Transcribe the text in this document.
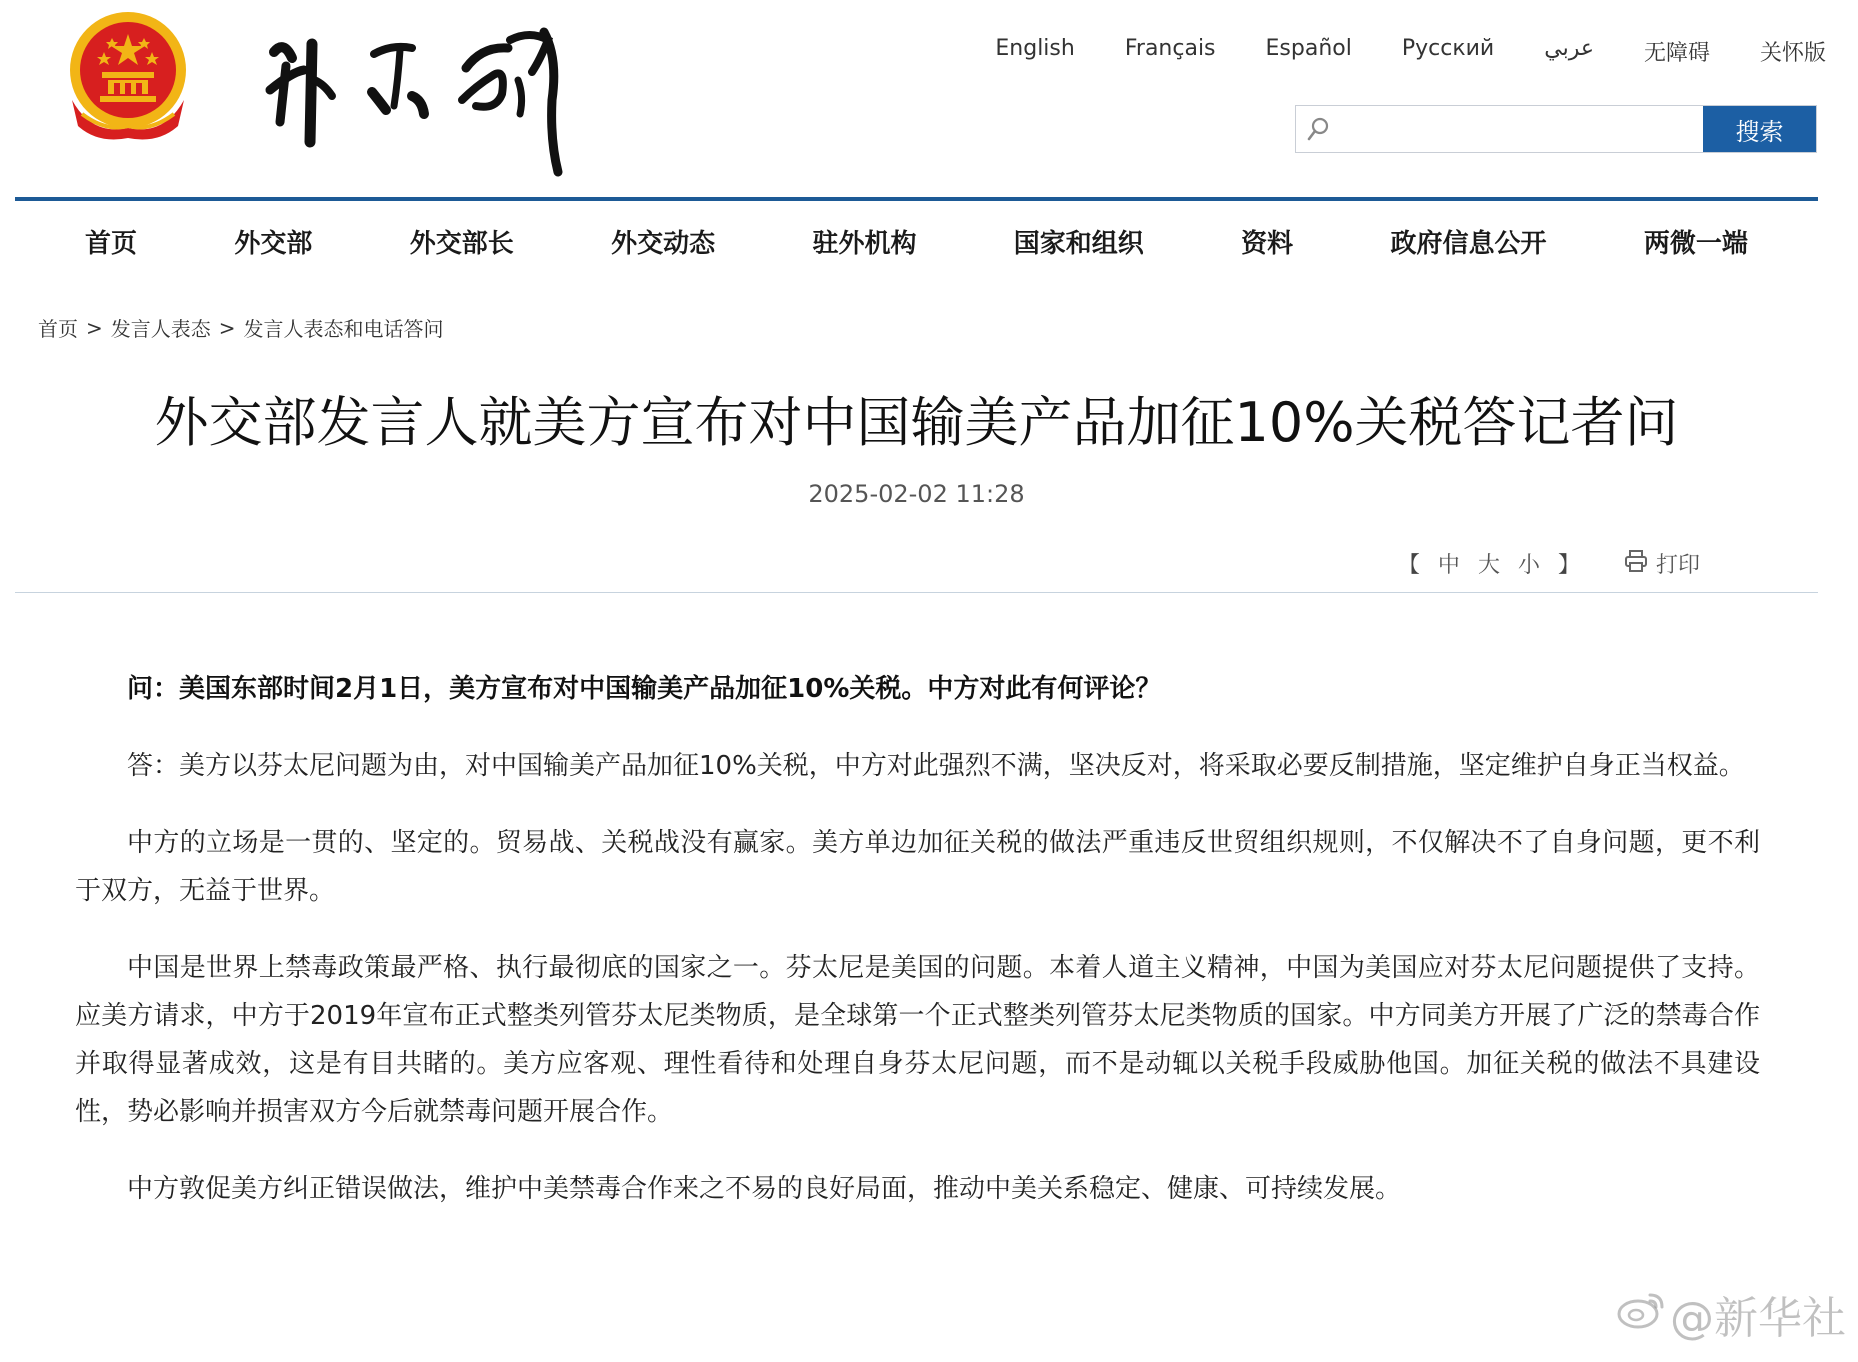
English Français Español Русский عربي 无障碍 关怀版
搜索
首页	外交部	外交部长	外交动态	驻外机构	国家和组织	资料	政府信息公开	两微一端
首页 > 发言人表态 > 发言人表态和电话答问
外交部发言人就美方宣布对中国输美产品加征10%关税答记者问
2025-02-02 11:28
【 中 大 小 】	打印

问：美国东部时间2月1日，美方宣布对中国输美产品加征10%关税。中方对此有何评论？

答：美方以芬太尼问题为由，对中国输美产品加征10%关税，中方对此强烈不满，坚决反对，将采取必要反制措施，坚定维护自身正当权益。

中方的立场是一贯的、坚定的。贸易战、关税战没有赢家。美方单边加征关税的做法严重违反世贸组织规则，不仅解决不了自身问题，更不利于双方，无益于世界。

中国是世界上禁毒政策最严格、执行最彻底的国家之一。芬太尼是美国的问题。本着人道主义精神，中国为美国应对芬太尼问题提供了支持。应美方请求，中方于2019年宣布正式整类列管芬太尼类物质，是全球第一个正式整类列管芬太尼类物质的国家。中方同美方开展了广泛的禁毒合作并取得显著成效，这是有目共睹的。美方应客观、理性看待和处理自身芬太尼问题，而不是动辄以关税手段威胁他国。加征关税的做法不具建设性，势必影响并损害双方今后就禁毒问题开展合作。

中方敦促美方纠正错误做法，维护中美禁毒合作来之不易的良好局面，推动中美关系稳定、健康、可持续发展。

@新华社
